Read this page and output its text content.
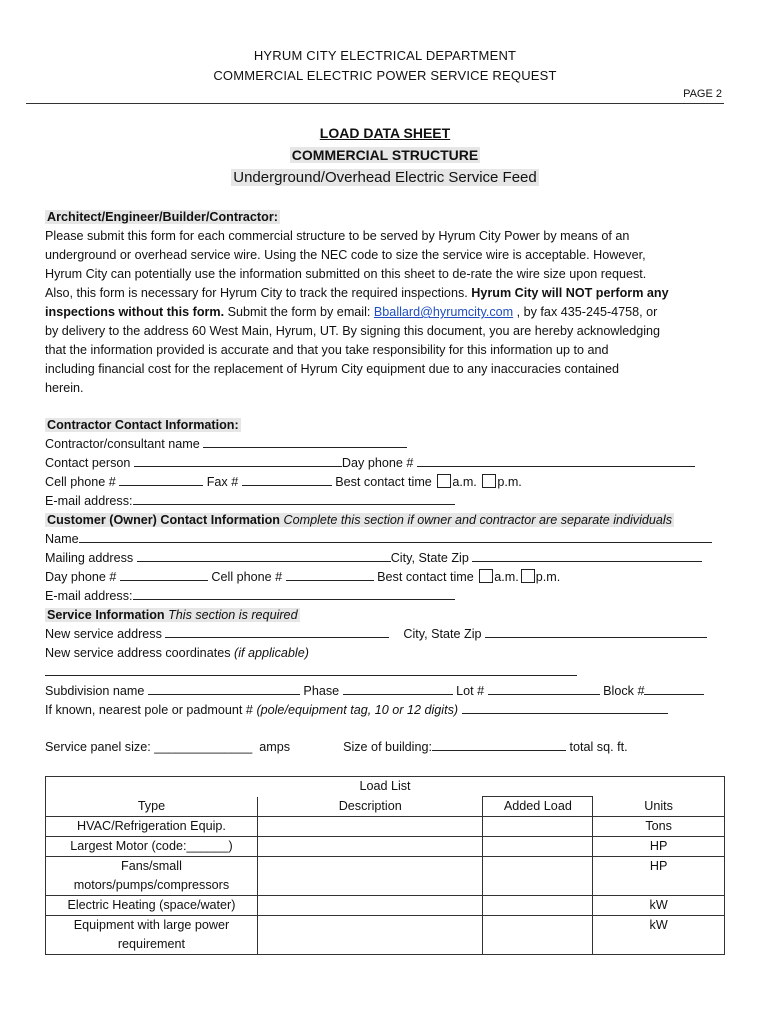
HYRUM CITY ELECTRICAL DEPARTMENT
COMMERCIAL ELECTRIC POWER SERVICE REQUEST
PAGE 2
LOAD DATA SHEET
COMMERCIAL STRUCTURE
Underground/Overhead Electric Service Feed
Architect/Engineer/Builder/Contractor:
Please submit this form for each commercial structure to be served by Hyrum City Power by means of an
underground or overhead service wire. Using the NEC code to size the service wire is acceptable. However,
Hyrum City can potentially use the information submitted on this sheet to de-rate the wire size upon request.
Also, this form is necessary for Hyrum City to track the required inspections. Hyrum City will NOT perform any
inspections without this form. Submit the form by email: Bballard@hyrumcity.com , by fax 435-245-4758, or
by delivery to the address 60 West Main, Hyrum, UT. By signing this document, you are hereby acknowledging
that the information provided is accurate and that you take responsibility for this information up to and
including financial cost for the replacement of Hyrum City equipment due to any inaccuracies contained
herein.
Contractor Contact Information:
Contractor/consultant name
Contact person	Day phone #
Cell phone #	Fax #	Best contact time a.m. p.m.
E-mail address:
Customer (Owner) Contact Information Complete this section if owner and contractor are separate individuals
Name
Mailing address	City, State Zip
Day phone #	Cell phone #	Best contact time a.m. p.m.
E-mail address:
Service Information This section is required
New service address	City, State Zip
New service address coordinates (if applicable)
Subdivision name	Phase	Lot #	Block #
If known, nearest pole or padmount # (pole/equipment tag, 10 or 12 digits)
Service panel size: ______________ amps	Size of building:	total sq. ft.
Load List			
Type	Description	Added Load	Units
HVAC/Refrigeration Equip.			Tons
Largest Motor (code:______)			HP
Fans/small motors/pumps/compressors			HP
Electric Heating (space/water)			kW
Equipment with large power requirement			kW
